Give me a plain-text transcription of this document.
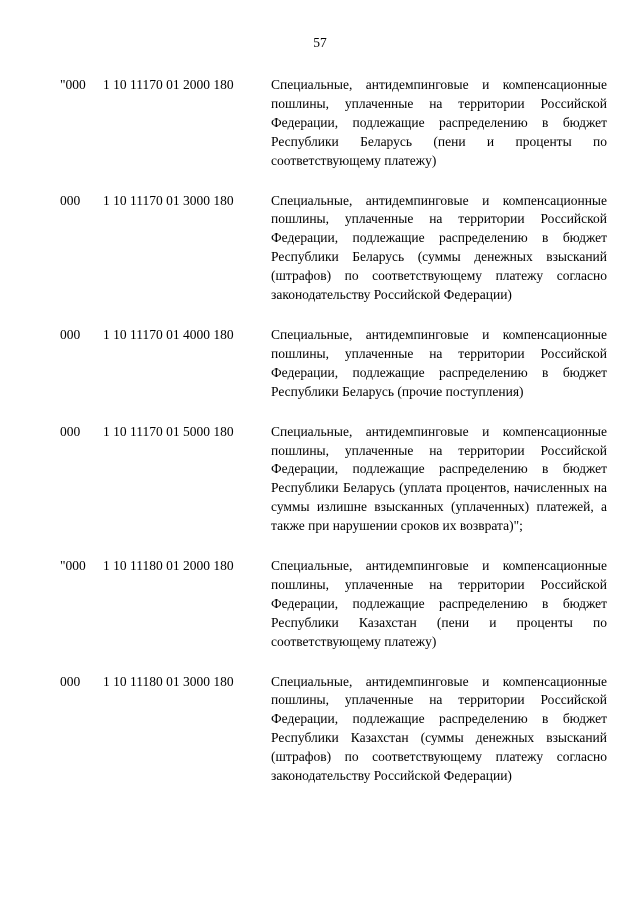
57
"000 1 10 11170 01 2000 180	Специальные, антидемпинговые и компенсационные пошлины, уплаченные на территории Российской Федерации, подлежащие распределению в бюджет Республики Беларусь (пени и проценты по соответствующему платежу)
000 1 10 11170 01 3000 180	Специальные, антидемпинговые и компенсационные пошлины, уплаченные на территории Российской Федерации, подлежащие распределению в бюджет Республики Беларусь (суммы денежных взысканий (штрафов) по соответствующему платежу согласно законодательству Российской Федерации)
000 1 10 11170 01 4000 180	Специальные, антидемпинговые и компенсационные пошлины, уплаченные на территории Российской Федерации, подлежащие распределению в бюджет Республики Беларусь (прочие поступления)
000 1 10 11170 01 5000 180	Специальные, антидемпинговые и компенсационные пошлины, уплаченные на территории Российской Федерации, подлежащие распределению в бюджет Республики Беларусь (уплата процентов, начисленных на суммы излишне взысканных (уплаченных) платежей, а также при нарушении сроков их возврата)";
"000 1 10 11180 01 2000 180	Специальные, антидемпинговые и компенсационные пошлины, уплаченные на территории Российской Федерации, подлежащие распределению в бюджет Республики Казахстан (пени и проценты по соответствующему платежу)
000 1 10 11180 01 3000 180	Специальные, антидемпинговые и компенсационные пошлины, уплаченные на территории Российской Федерации, подлежащие распределению в бюджет Республики Казахстан (суммы денежных взысканий (штрафов) по соответствующему платежу согласно законодательству Российской Федерации)
